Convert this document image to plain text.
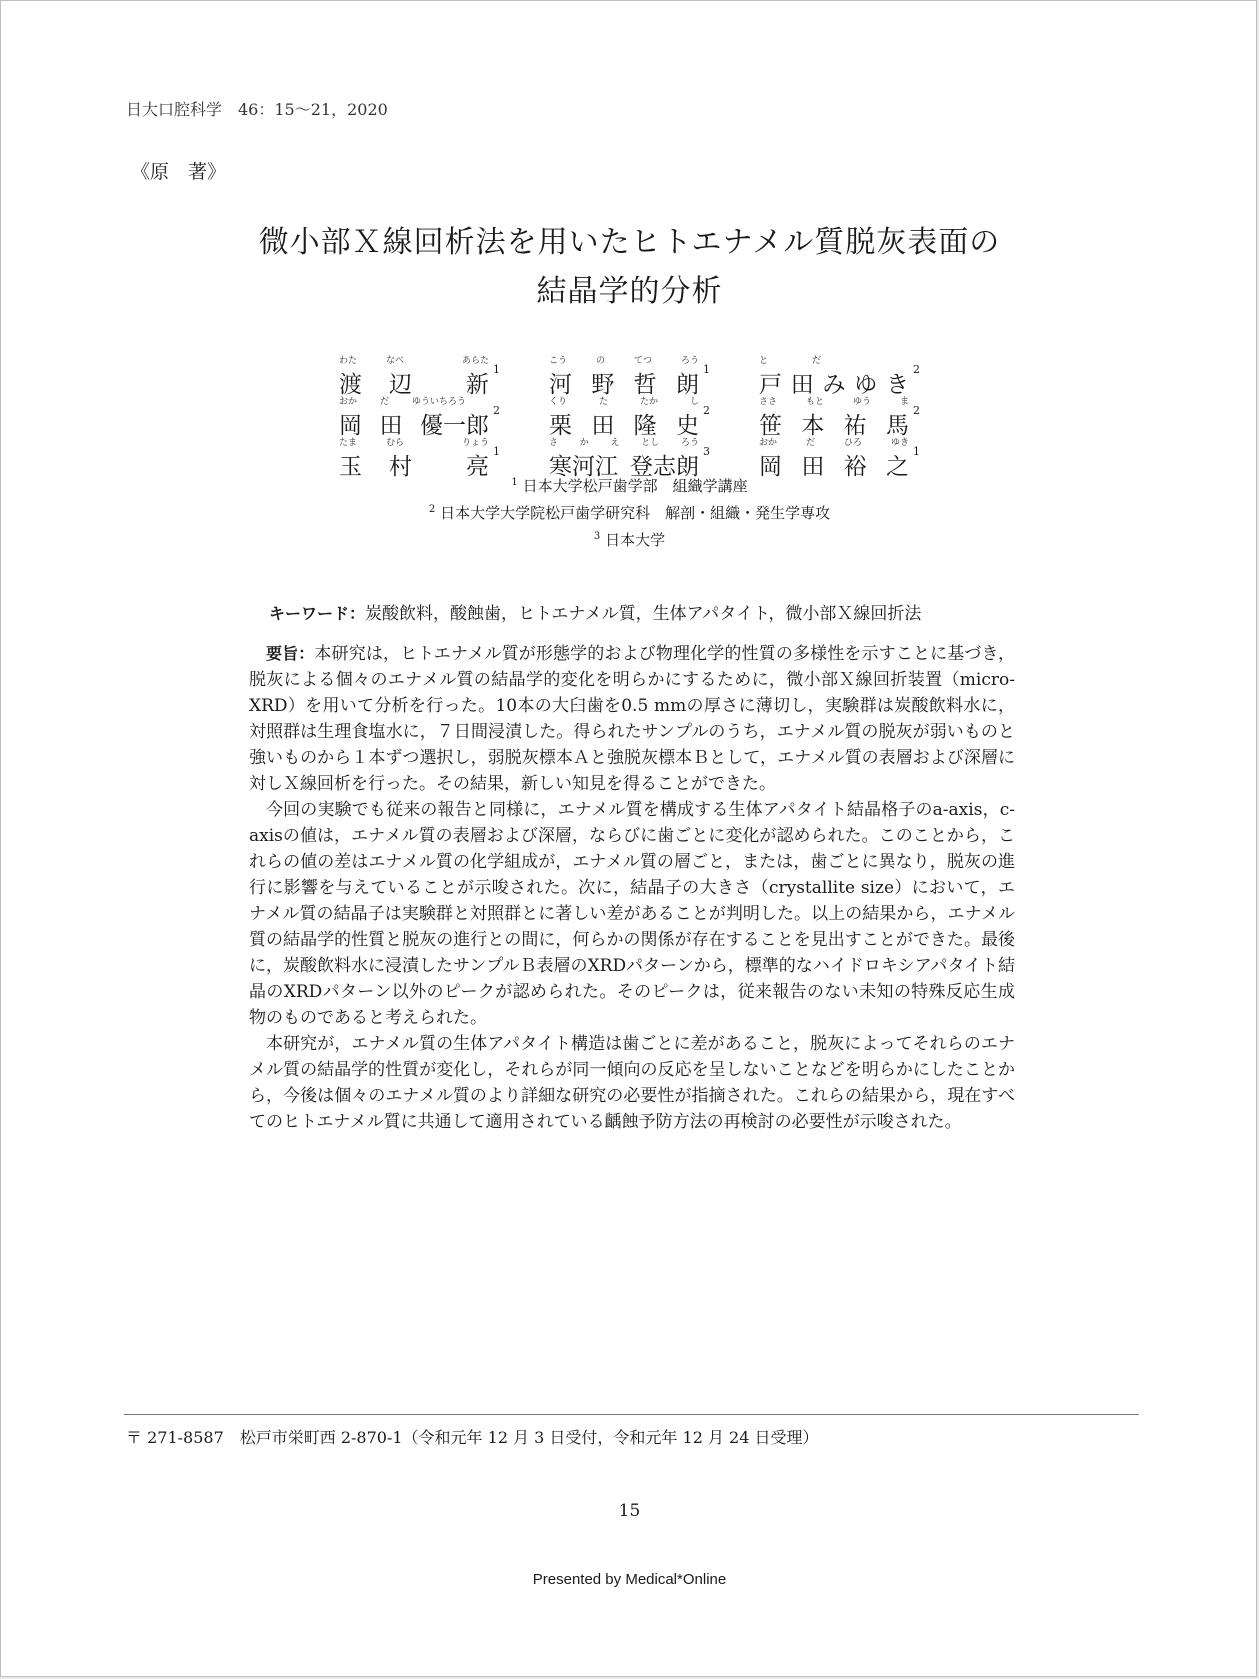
日大口腔科学　46：15～21，2020
《原　著》
微小部Ｘ線回析法を用いたヒトエナメル質脱灰表面の
結晶学的分析
わた	なべ	あらた
渡 辺 新
1
こう	の	てつ	ろう
河 野 哲 朗
1
と	だ
戸 田 み ゆ き
2
おか	だ	ゆういちろう
岡 田 優一郎
2
くり	た	たか	し
栗 田 隆 史
2
ささ	もと	ゆう	ま
笹 本 祐 馬
2
たま	むら	りょう
玉 村 亮
1
さ か え とし ろう
寒河江 登志朗
3
おか	だ	ひろ	ゆき
岡 田 裕 之
1
$^1$ 日本大学松戸歯学部　組織学講座
$^2$ 日本大学大学院松戸歯学研究科　解剖・組織・発生学専攻
$^3$ 日本大学
キーワード：炭酸飲料，酸蝕歯，ヒトエナメル質，生体アパタイト，微小部Ｘ線回折法

要旨：本研究は，ヒトエナメル質が形態学的および物理化学的性質の多様性を示すことに基づき，脱灰による個々のエナメル質の結晶学的変化を明らかにするために，微小部Ｘ線回折装置（micro-XRD）を用いて分析を行った。10本の大臼歯を0.5 mmの厚さに薄切し，実験群は炭酸飲料水に，対照群は生理食塩水に，７日間浸漬した。得られたサンプルのうち，エナメル質の脱灰が弱いものと強いものから１本ずつ選択し，弱脱灰標本Ａと強脱灰標本Ｂとして，エナメル質の表層および深層に対しＸ線回析を行った。その結果，新しい知見を得ることができた。

今回の実験でも従来の報告と同様に，エナメル質を構成する生体アパタイト結晶格子のa-axis，c-axisの値は，エナメル質の表層および深層，ならびに歯ごとに変化が認められた。このことから，これらの値の差はエナメル質の化学組成が，エナメル質の層ごと，または，歯ごとに異なり，脱灰の進行に影響を与えていることが示唆された。次に，結晶子の大きさ（crystallite size）において，エナメル質の結晶子は実験群と対照群とに著しい差があることが判明した。以上の結果から，エナメル質の結晶学的性質と脱灰の進行との間に，何らかの関係が存在することを見出すことができた。最後に，炭酸飲料水に浸漬したサンプルＢ表層のXRDパターンから，標準的なハイドロキシアパタイト結晶のXRDパターン以外のピークが認められた。そのピークは，従来報告のない未知の特殊反応生成物のものであると考えられた。

本研究が，エナメル質の生体アパタイト構造は歯ごとに差があること，脱灰によってそれらのエナメル質の結晶学的性質が変化し，それらが同一傾向の反応を呈しないことなどを明らかにしたことから，今後は個々のエナメル質のより詳細な研究の必要性が指摘された。これらの結果から，現在すべてのヒトエナメル質に共通して適用されている齲蝕予防方法の再検討の必要性が示唆された。

〒 271-8587　松戸市栄町西 2-870-1（令和元年 12 月 3 日受付，令和元年 12 月 24 日受理）
15
Presented by Medical*Online
